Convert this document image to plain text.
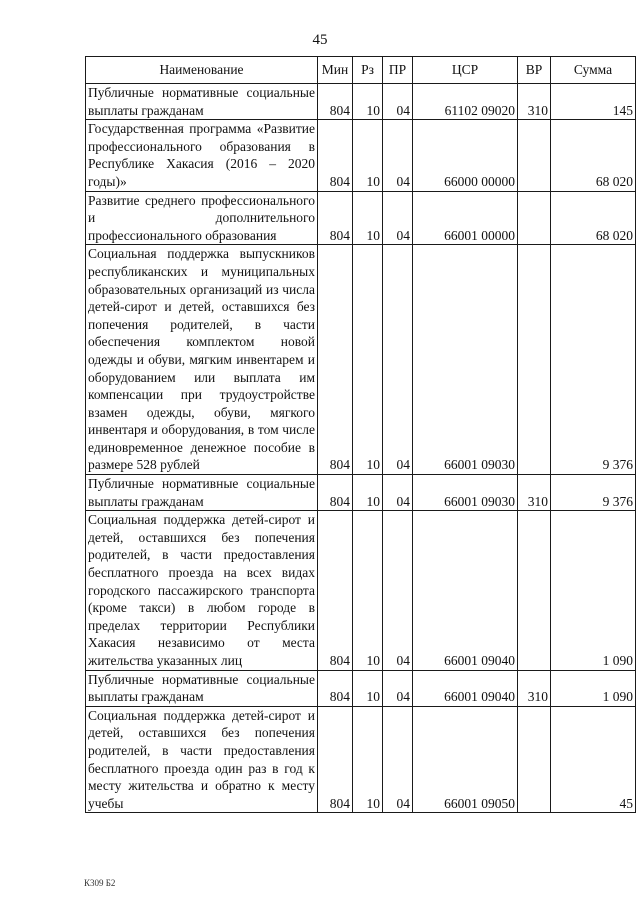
45
Наименование	Мин	Рз	ПР	ЦСР	ВР	Сумма
Публичные нормативные социальные выплаты гражданам	804	10	04	61102 09020	310	145
Государственная программа «Развитие профессионального образования в Республике Хакасия (2016 – 2020 годы)»	804	10	04	66000 00000		68 020
Развитие среднего профессионального и дополнительного профессионального образования	804	10	04	66001 00000		68 020
Социальная поддержка выпускников республиканских и муниципальных образовательных организаций из числа детей-сирот и детей, оставшихся без попечения родителей, в части обеспечения комплектом новой одежды и обуви, мягким инвентарем и оборудованием или выплата им компенсации при трудоустройстве взамен одежды, обуви, мягкого инвентаря и оборудования, в том числе единовременное денежное пособие в размере 528 рублей	804	10	04	66001 09030		9 376
Публичные нормативные социальные выплаты гражданам	804	10	04	66001 09030	310	9 376
Социальная поддержка детей-сирот и детей, оставшихся без попечения родителей, в части предоставления бесплатного проезда на всех видах городского пассажирского транспорта (кроме такси) в любом городе в пределах территории Республики Хакасия независимо от места жительства указанных лиц	804	10	04	66001 09040		1 090
Публичные нормативные социальные выплаты гражданам	804	10	04	66001 09040	310	1 090
Социальная поддержка детей-сирот и детей, оставшихся без попечения родителей, в части предоставления бесплатного проезда один раз в год к месту жительства и обратно к месту учебы	804	10	04	66001 09050		45
К309 Б2
